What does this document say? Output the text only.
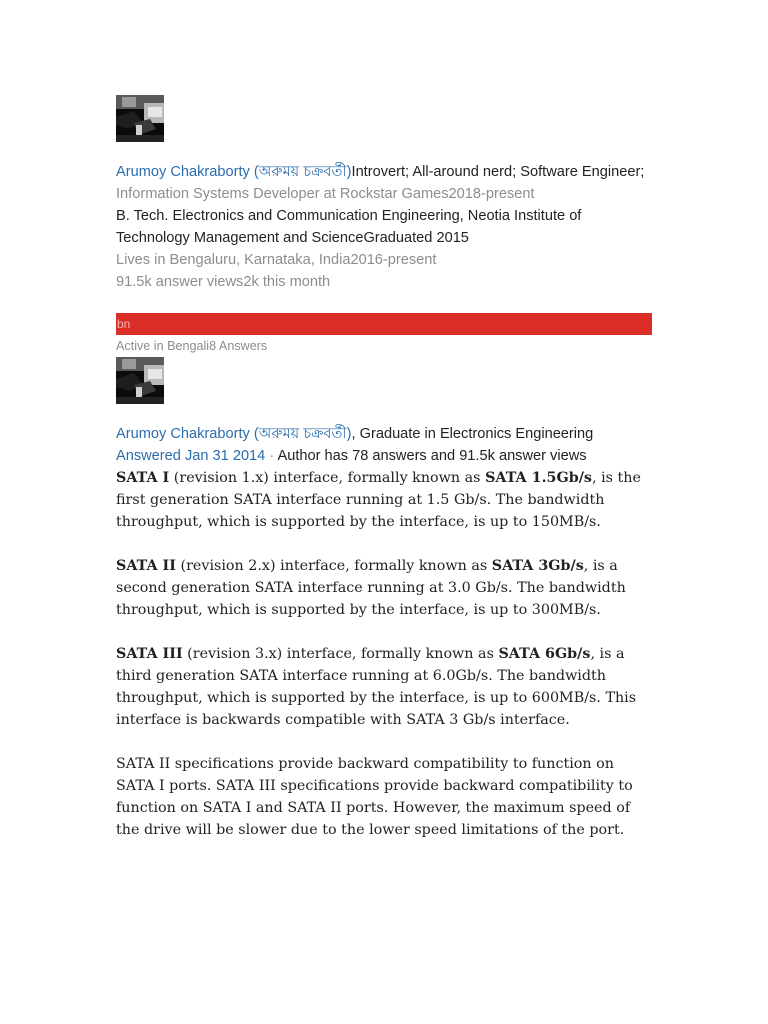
Arumoy Chakraborty (অরুময় চক্রবর্তী)Introvert; All-around nerd; Software Engineer;
Information Systems Developer at Rockstar Games2018-present
B. Tech. Electronics and Communication Engineering, Neotia Institute of Technology Management and ScienceGraduated 2015
Lives in Bengaluru, Karnataka, India2016-present
91.5k answer views2k this month
bn
Active in Bengali8 Answers
Arumoy Chakraborty (অরুময় চক্রবর্তী), Graduate in Electronics Engineering
Answered Jan 31 2014 · Author has 78 answers and 91.5k answer views

SATA I (revision 1.x) interface, formally known as SATA 1.5Gb/s, is the first generation SATA interface running at 1.5 Gb/s. The bandwidth throughput, which is supported by the interface, is up to 150MB/s.

SATA II (revision 2.x) interface, formally known as SATA 3Gb/s, is a second generation SATA interface running at 3.0 Gb/s. The bandwidth throughput, which is supported by the interface, is up to 300MB/s.

SATA III (revision 3.x) interface, formally known as SATA 6Gb/s, is a third generation SATA interface running at 6.0Gb/s. The bandwidth throughput, which is supported by the interface, is up to 600MB/s. This interface is backwards compatible with SATA 3 Gb/s interface.

SATA II specifications provide backward compatibility to function on SATA I ports. SATA III specifications provide backward compatibility to function on SATA I and SATA II ports. However, the maximum speed of the drive will be slower due to the lower speed limitations of the port.
